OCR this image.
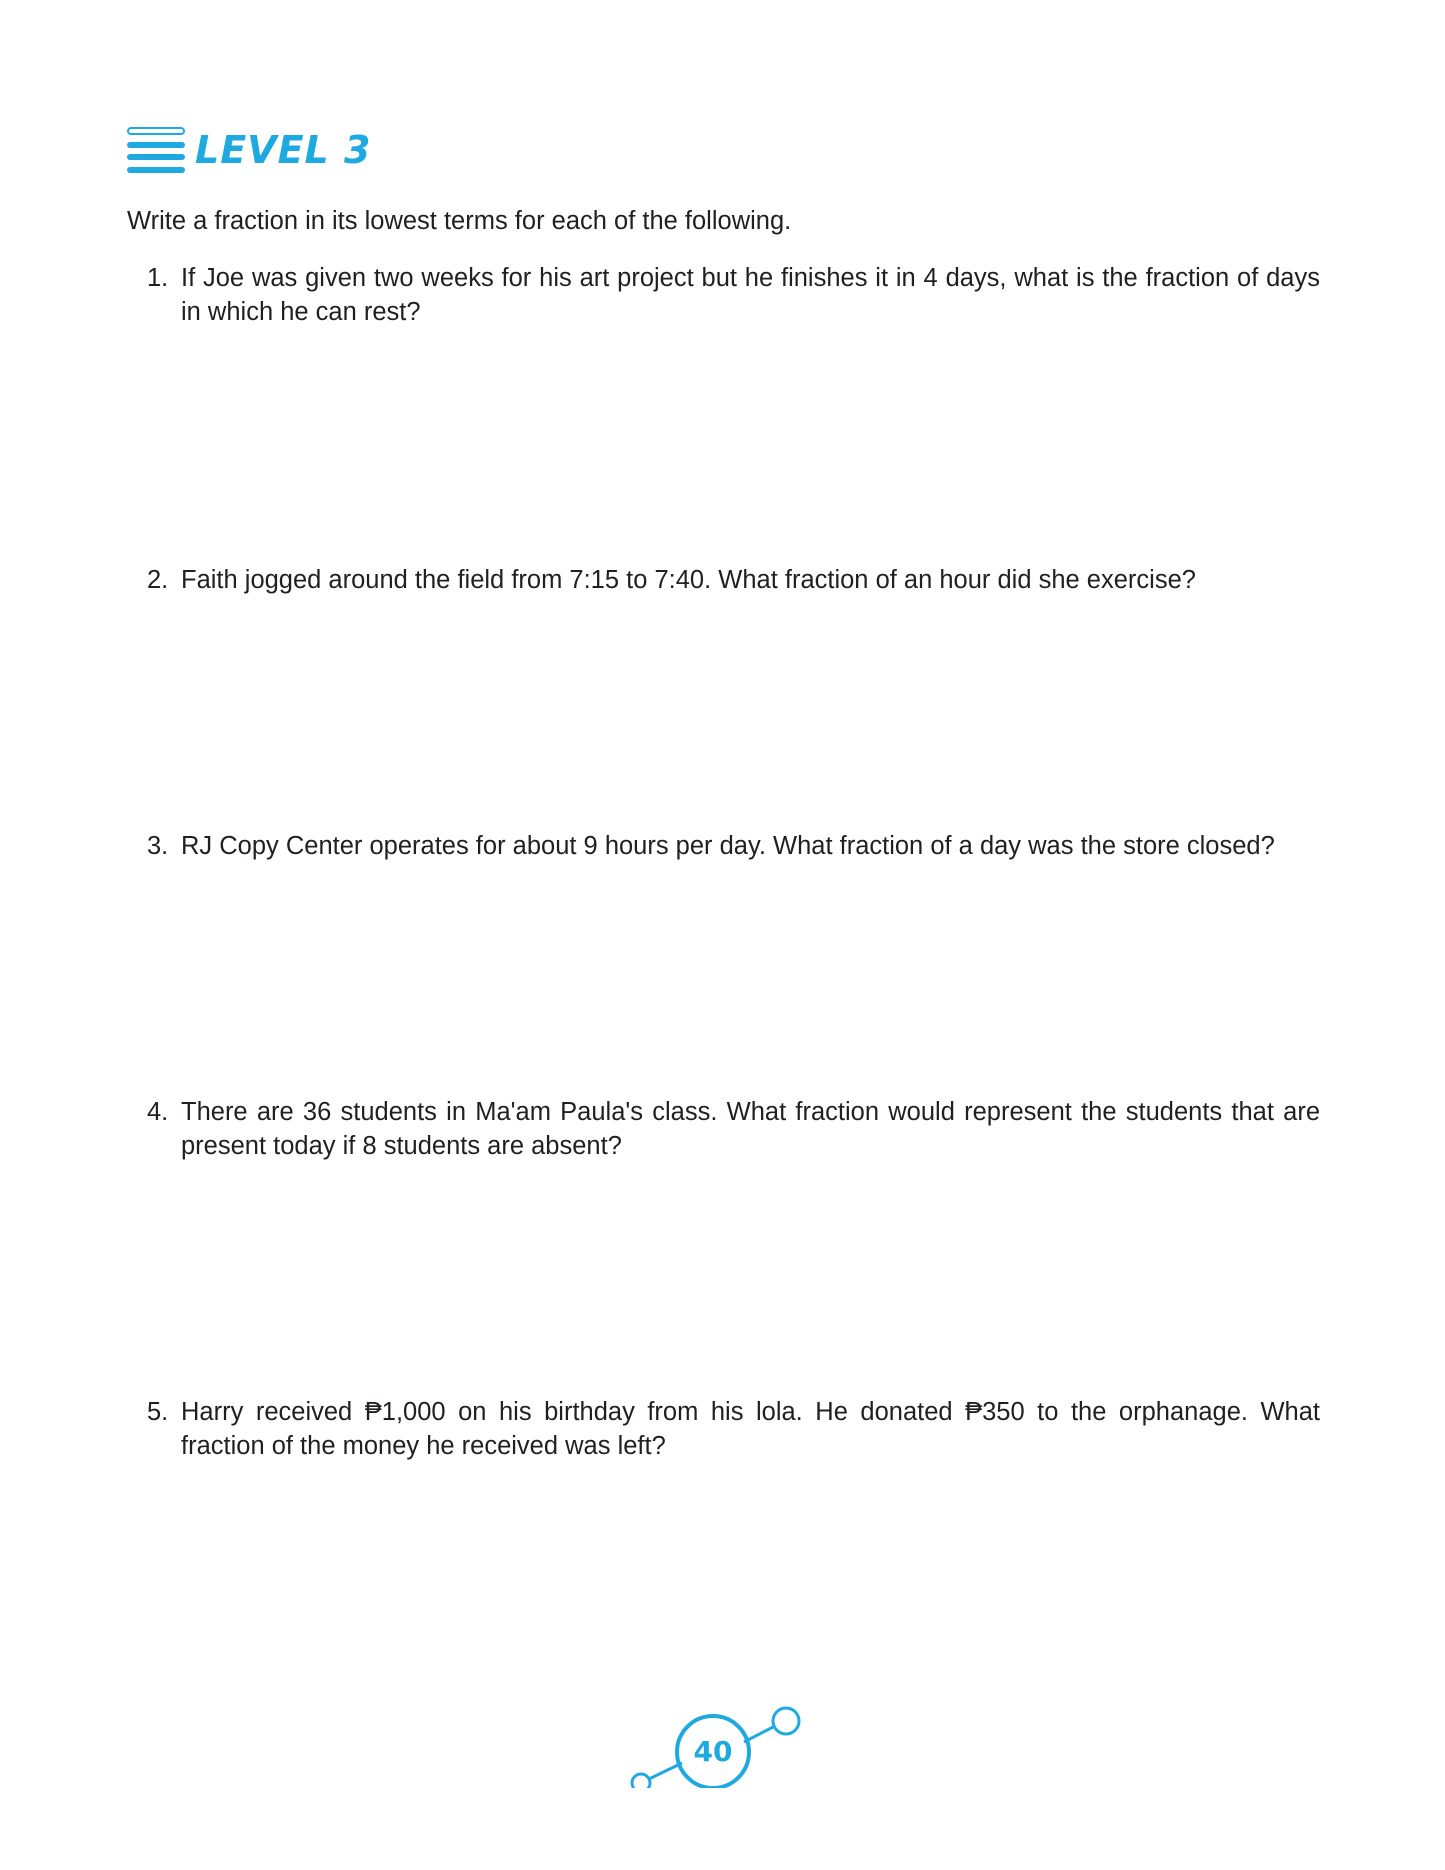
LEVEL 3
Write a fraction in its lowest terms for each of the following.
1. If Joe was given two weeks for his art project but he finishes it in 4 days, what is the fraction of days in which he can rest?
2. Faith jogged around the field from 7:15 to 7:40. What fraction of an hour did she exercise?
3. RJ Copy Center operates for about 9 hours per day. What fraction of a day was the store closed?
4. There are 36 students in Ma'am Paula's class. What fraction would represent the students that are present today if 8 students are absent?
5. Harry received ₱1,000 on his birthday from his lola. He donated ₱350 to the orphanage. What fraction of the money he received was left?
40
